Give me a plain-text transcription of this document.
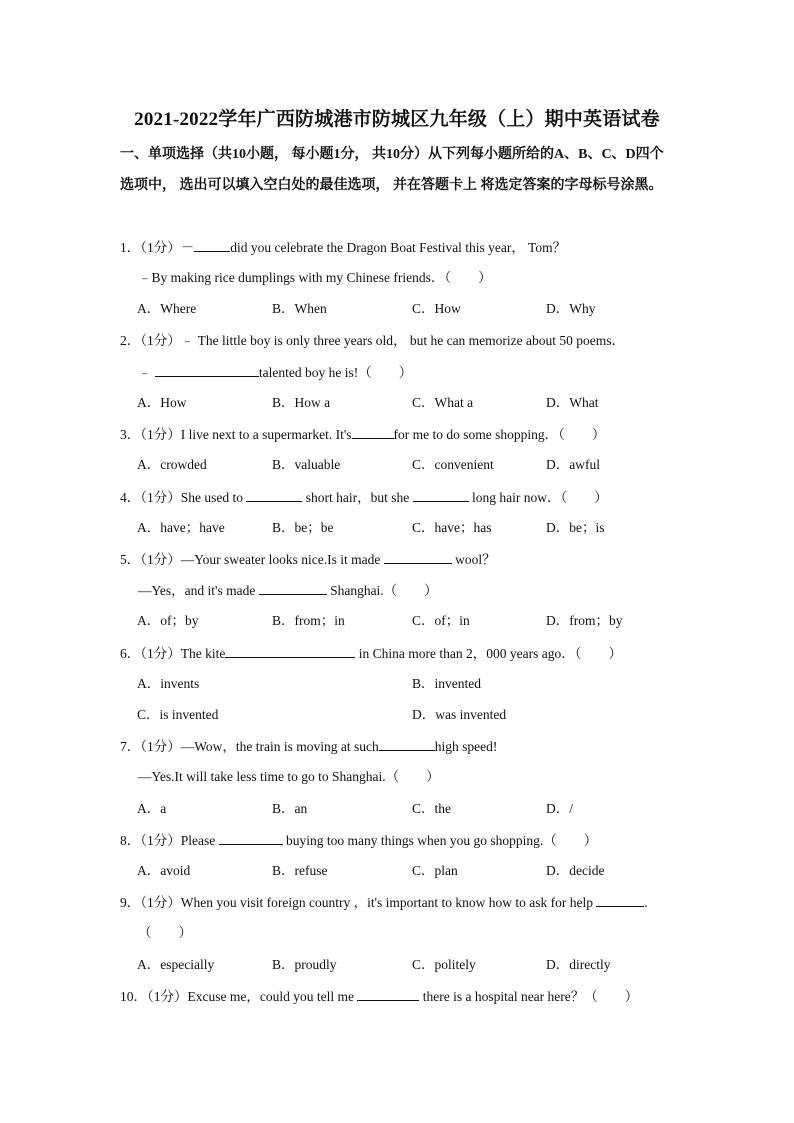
2021-2022学年广西防城港市防城区九年级（上）期中英语试卷
一、单项选择（共10小题， 每小题1分， 共10分）从下列每小题所给的A、B、C、D四个选项中， 选出可以填入空白处的最佳选项， 并在答题卡上 将选定答案的字母标号涂黑。
1．（1分）－	did you celebrate the Dragon Boat Festival this year， Tom？
﹣By making rice dumplings with my Chinese friends．（　　）
A．Where	B．When	C．How	D．Why
2．（1分）﹣ The little boy is only three years old， but he can memorize about 50 poems．
﹣	talented boy he is!（　　）
A．How	B．How a	C．What a	D．What
3．（1分）I live next to a supermarket. It's	for me to do some shopping．（　　）
A．crowded	B．valuable	C．convenient	D．awful
4．（1分）She used to	short hair，but she	long hair now．（　　）
A．have；have	B．be；be	C．have；has	D．be；is
5．（1分）—Your sweater looks nice.Is it made	wool？
—Yes，and it's made	Shanghai.（　　）
A．of；by	B．from；in	C．of；in	D．from；by
6．（1分）The kite	in China more than 2，000 years ago．（　　）
A．invents	B．invented
C．is invented	D．was invented
7．（1分）—Wow，the train is moving at such	high speed!
—Yes.It will take less time to go to Shanghai.（　　）
A．a	B．an	C．the	D．/
8．（1分）Please	buying too many things when you go shopping.（　　）
A．avoid	B．refuse	C．plan	D．decide
9．（1分）When you visit foreign country ，it's important to know how to ask for help	.
（　　）
A．especially	B．proudly	C．politely	D．directly
10．（1分）Excuse me，could you tell me	there is a hospital near here？（　　）
